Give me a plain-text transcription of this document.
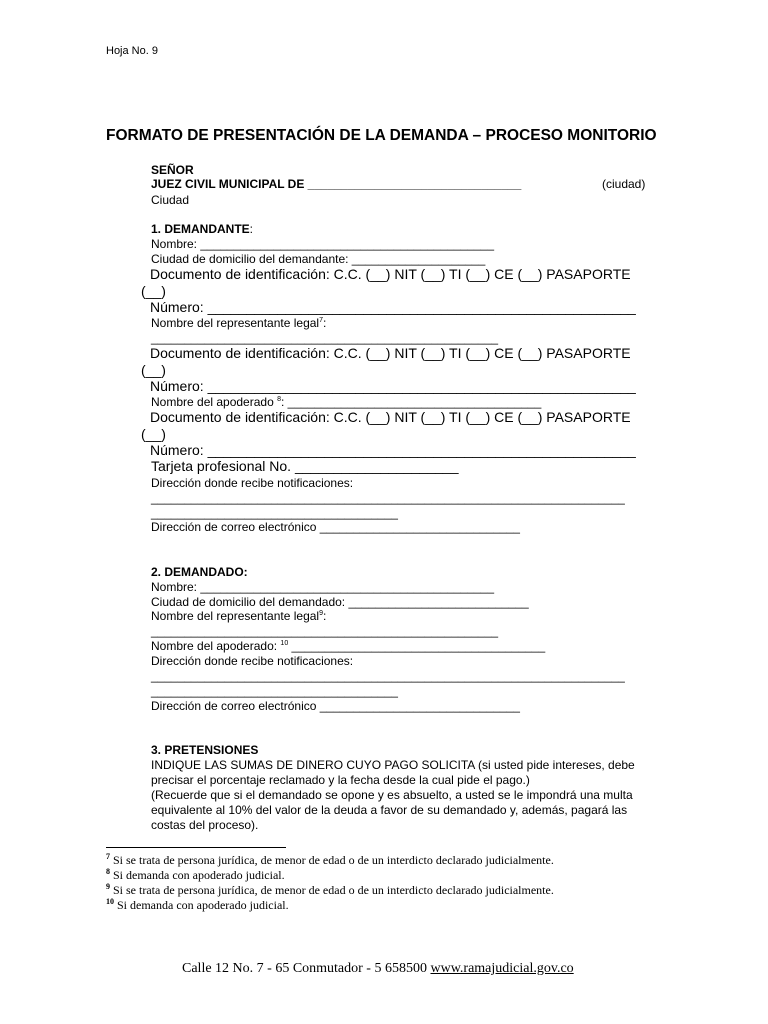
Hoja No. 9
FORMATO DE PRESENTACIÓN DE LA DEMANDA – PROCESO MONITORIO
SEÑOR
JUEZ CIVIL MUNICIPAL DE ________________________________	(ciudad)
Ciudad
1. DEMANDANTE:
Nombre: ____________________________________________
Ciudad de domicilio del demandante: ____________________
Documento de identificación: C.C. (__) NIT (__) TI (__) CE (__) PASAPORTE
(__)
Número: _______________________________________________________
Nombre del representante legal$^7$:
____________________________________________________
Documento de identificación: C.C. (__) NIT (__) TI (__) CE (__) PASAPORTE
(__)
Número: _______________________________________________________
Nombre del apoderado $^8$: ______________________________________
Documento de identificación: C.C. (__) NIT (__) TI (__) CE (__) PASAPORTE
(__)
Número: _______________________________________________________
Tarjeta profesional No. _____________________
Dirección donde recibe notificaciones:
_______________________________________________________________________
_____________________________________
Dirección de correo electrónico ______________________________
2. DEMANDADO:
Nombre: ____________________________________________
Ciudad de domicilio del demandado: ___________________________
Nombre del representante legal$^9$:
____________________________________________________
Nombre del apoderado: $^{10}$ ______________________________________
Dirección donde recibe notificaciones:
_______________________________________________________________________
_____________________________________
Dirección de correo electrónico ______________________________
3. PRETENSIONES
INDIQUE LAS SUMAS DE DINERO CUYO PAGO SOLICITA (si usted pide intereses, debe precisar el porcentaje reclamado y la fecha desde la cual pide el pago.)
(Recuerde que si el demandado se opone y es absuelto, a usted se le impondrá una multa equivalente al 10% del valor de la deuda a favor de su demandado y, además, pagará las costas del proceso).
$^7$ Si se trata de persona jurídica, de menor de edad o de un interdicto declarado judicialmente.
$^8$ Si demanda con apoderado judicial.
$^9$ Si se trata de persona jurídica, de menor de edad o de un interdicto declarado judicialmente.
$^{10}$ Si demanda con apoderado judicial.
Calle 12 No. 7 - 65 Conmutador - 5 658500 www.ramajudicial.gov.co
